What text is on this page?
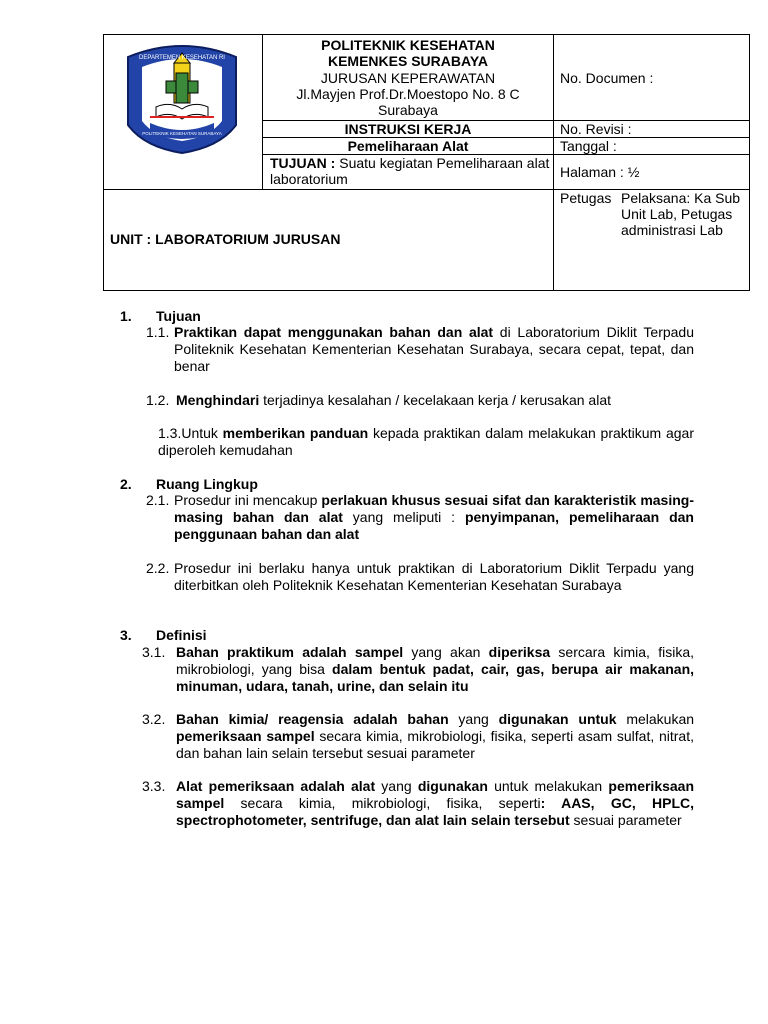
DEPARTEMEN KESEHATAN RI
POLITEKNIK KESEHATAN SURABAYA
POLITEKNIK KESEHATAN
KEMENKES SURABAYA
JURUSAN KEPERAWATAN
Jl.Mayjen Prof.Dr.Moestopo No. 8 C Surabaya
INSTRUKSI KERJA
Pemeliharaan Alat
TUJUAN : Suatu kegiatan Pemeliharaan alat laboratorium
No. Documen :
No. Revisi :
Tanggal :
Halaman : ½
Petugas Pelaksana: Ka Sub Unit Lab, Petugas administrasi Lab
UNIT : LABORATORIUM JURUSAN
1. Tujuan
1.1. Praktikan dapat menggunakan bahan dan alat di Laboratorium Diklit Terpadu Politeknik Kesehatan Kementerian Kesehatan Surabaya, secara cepat, tepat, dan benar
1.2. Menghindari terjadinya kesalahan / kecelakaan kerja / kerusakan alat
1.3.Untuk memberikan panduan kepada praktikan dalam melakukan praktikum agar diperoleh kemudahan
2. Ruang Lingkup
2.1. Prosedur ini mencakup perlakuan khusus sesuai sifat dan karakteristik masing-masing bahan dan alat yang meliputi : penyimpanan, pemeliharaan dan penggunaan bahan dan alat
2.2. Prosedur ini berlaku hanya untuk praktikan di Laboratorium Diklit Terpadu yang diterbitkan oleh Politeknik Kesehatan Kementerian Kesehatan Surabaya
3. Definisi
3.1. Bahan praktikum adalah sampel yang akan diperiksa sercara kimia, fisika, mikrobiologi, yang bisa dalam bentuk padat, cair, gas, berupa air makanan, minuman, udara, tanah, urine, dan selain itu
3.2. Bahan kimia/ reagensia adalah bahan yang digunakan untuk melakukan pemeriksaan sampel secara kimia, mikrobiologi, fisika, seperti asam sulfat, nitrat, dan bahan lain selain tersebut sesuai parameter
3.3. Alat pemeriksaan adalah alat yang digunakan untuk melakukan pemeriksaan sampel secara kimia, mikrobiologi, fisika, seperti: AAS, GC, HPLC, spectrophotometer, sentrifuge, dan alat lain selain tersebut sesuai parameter
